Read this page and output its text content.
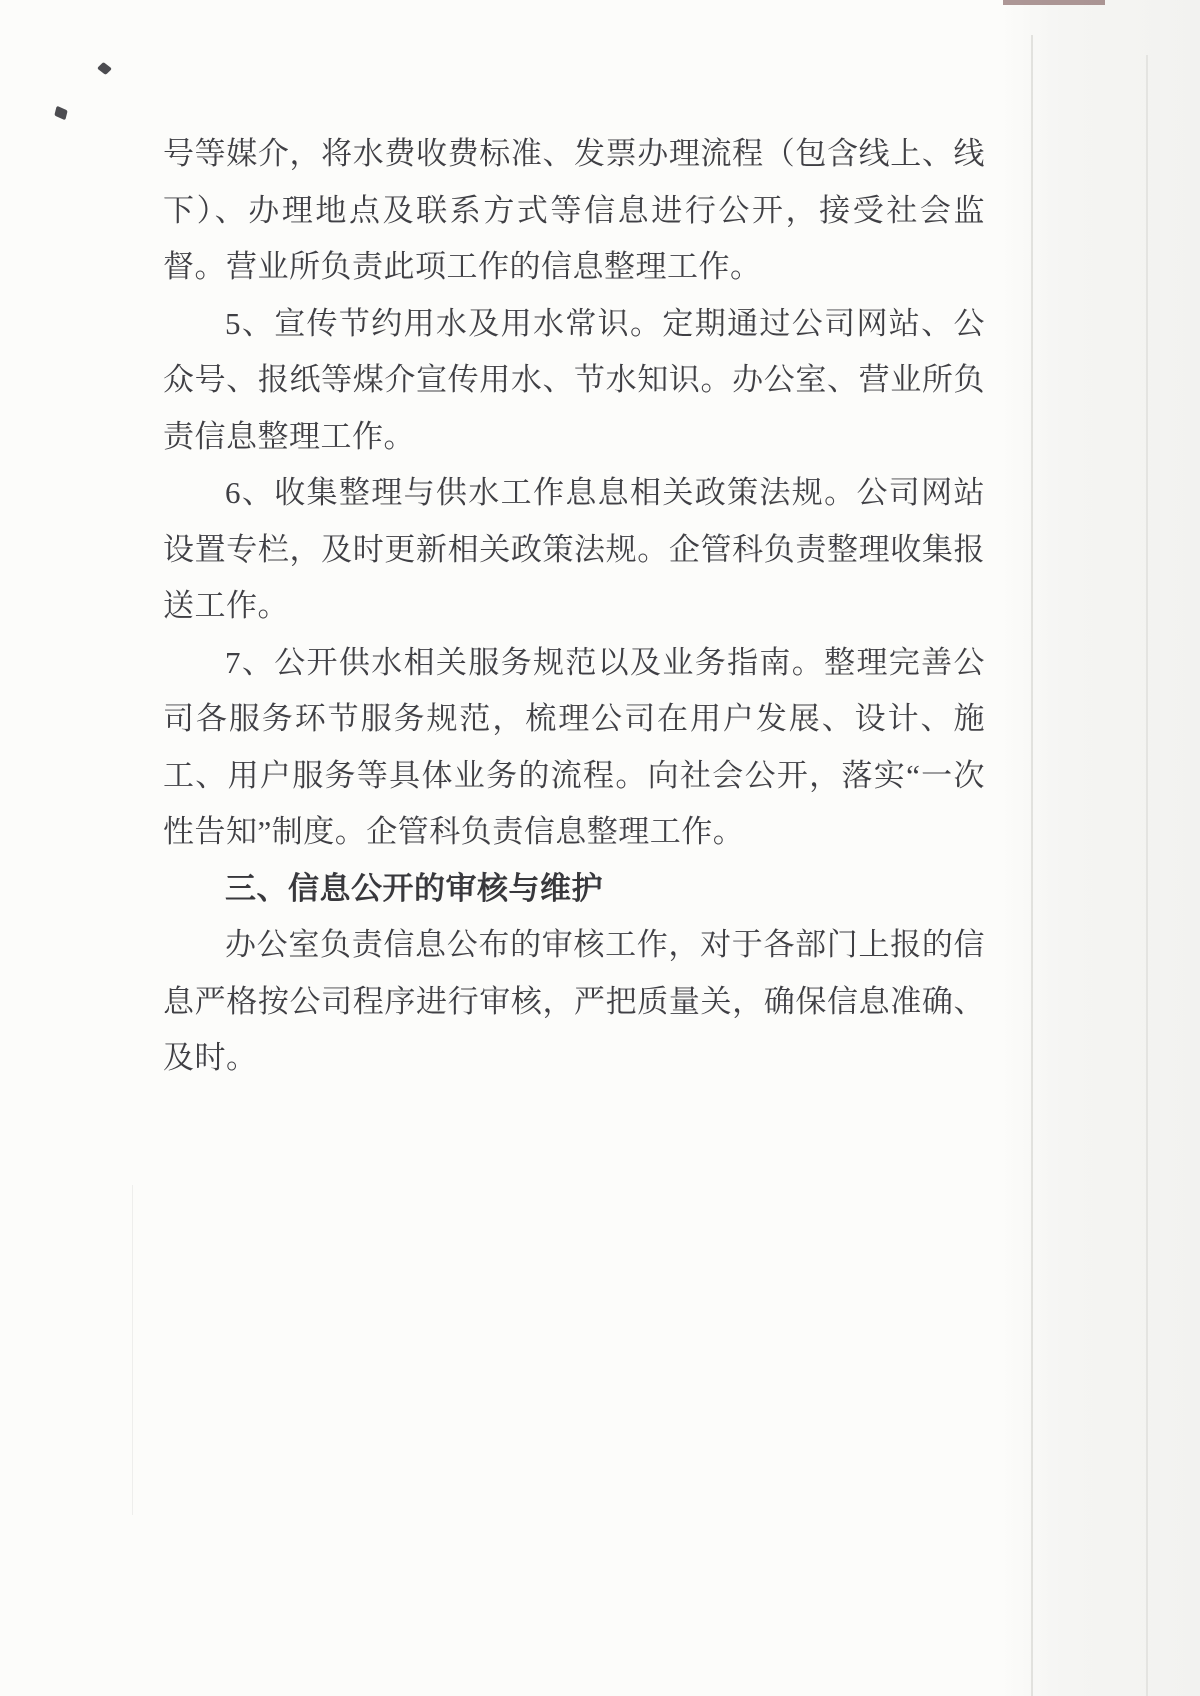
号等媒介，将水费收费标准、发票办理流程（包含线上、线下）、办理地点及联系方式等信息进行公开，接受社会监督。营业所负责此项工作的信息整理工作。

5、宣传节约用水及用水常识。定期通过公司网站、公众号、报纸等煤介宣传用水、节水知识。办公室、营业所负责信息整理工作。

6、收集整理与供水工作息息相关政策法规。公司网站设置专栏，及时更新相关政策法规。企管科负责整理收集报送工作。

7、公开供水相关服务规范以及业务指南。整理完善公司各服务环节服务规范，梳理公司在用户发展、设计、施工、用户服务等具体业务的流程。向社会公开，落实“一次性告知”制度。企管科负责信息整理工作。

三、信息公开的审核与维护

办公室负责信息公布的审核工作，对于各部门上报的信息严格按公司程序进行审核，严把质量关，确保信息准确、及时。
